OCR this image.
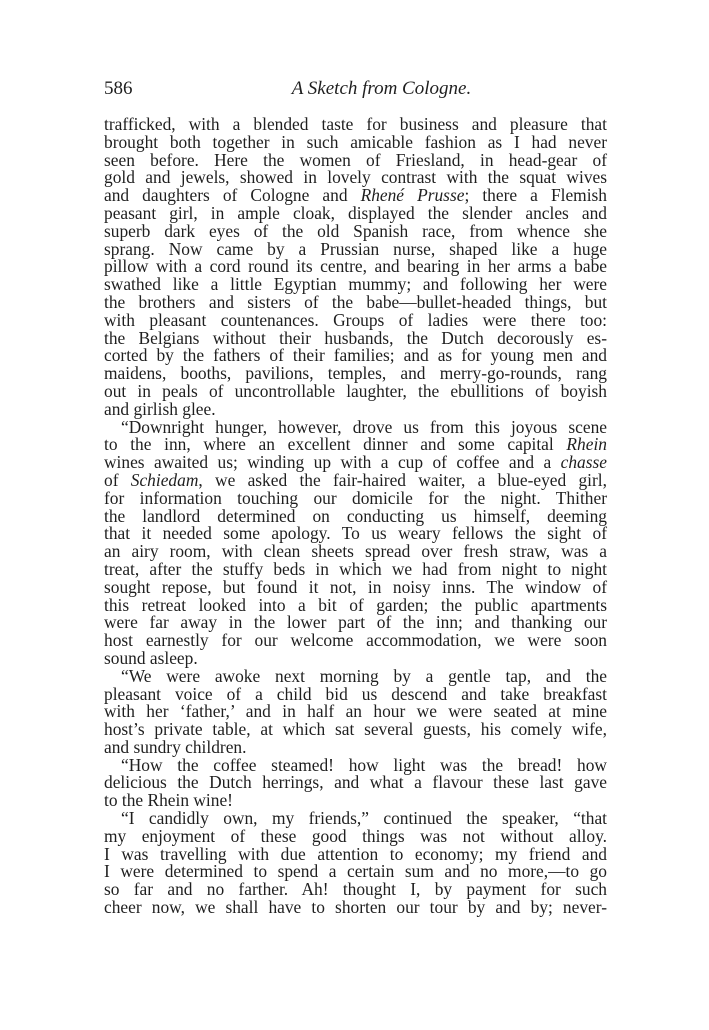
586	A Sketch from Cologne.
trafficked, with a blended taste for business and pleasure that
brought both together in such amicable fashion as I had never
seen before. Here the women of Friesland, in head-gear of
gold and jewels, showed in lovely contrast with the squat wives
and daughters of Cologne and Rhené Prusse; there a Flemish
peasant girl, in ample cloak, displayed the slender ancles and
superb dark eyes of the old Spanish race, from whence she
sprang. Now came by a Prussian nurse, shaped like a huge
pillow with a cord round its centre, and bearing in her arms a babe
swathed like a little Egyptian mummy; and following her were
the brothers and sisters of the babe—bullet-headed things, but
with pleasant countenances. Groups of ladies were there too:
the Belgians without their husbands, the Dutch decorously es-
corted by the fathers of their families; and as for young men and
maidens, booths, pavilions, temples, and merry-go-rounds, rang
out in peals of uncontrollable laughter, the ebullitions of boyish
and girlish glee.
“Downright hunger, however, drove us from this joyous scene
to the inn, where an excellent dinner and some capital Rhein
wines awaited us; winding up with a cup of coffee and a chasse
of Schiedam, we asked the fair-haired waiter, a blue-eyed girl,
for information touching our domicile for the night. Thither
the landlord determined on conducting us himself, deeming
that it needed some apology. To us weary fellows the sight of
an airy room, with clean sheets spread over fresh straw, was a
treat, after the stuffy beds in which we had from night to night
sought repose, but found it not, in noisy inns. The window of
this retreat looked into a bit of garden; the public apartments
were far away in the lower part of the inn; and thanking our
host earnestly for our welcome accommodation, we were soon
sound asleep.
“We were awoke next morning by a gentle tap, and the
pleasant voice of a child bid us descend and take breakfast
with her ‘father,’ and in half an hour we were seated at mine
host’s private table, at which sat several guests, his comely wife,
and sundry children.
“How the coffee steamed! how light was the bread! how
delicious the Dutch herrings, and what a flavour these last gave
to the Rhein wine!
“I candidly own, my friends,” continued the speaker, “that
my enjoyment of these good things was not without alloy.
I was travelling with due attention to economy; my friend and
I were determined to spend a certain sum and no more,—to go
so far and no farther. Ah! thought I, by payment for such
cheer now, we shall have to shorten our tour by and by; never-
